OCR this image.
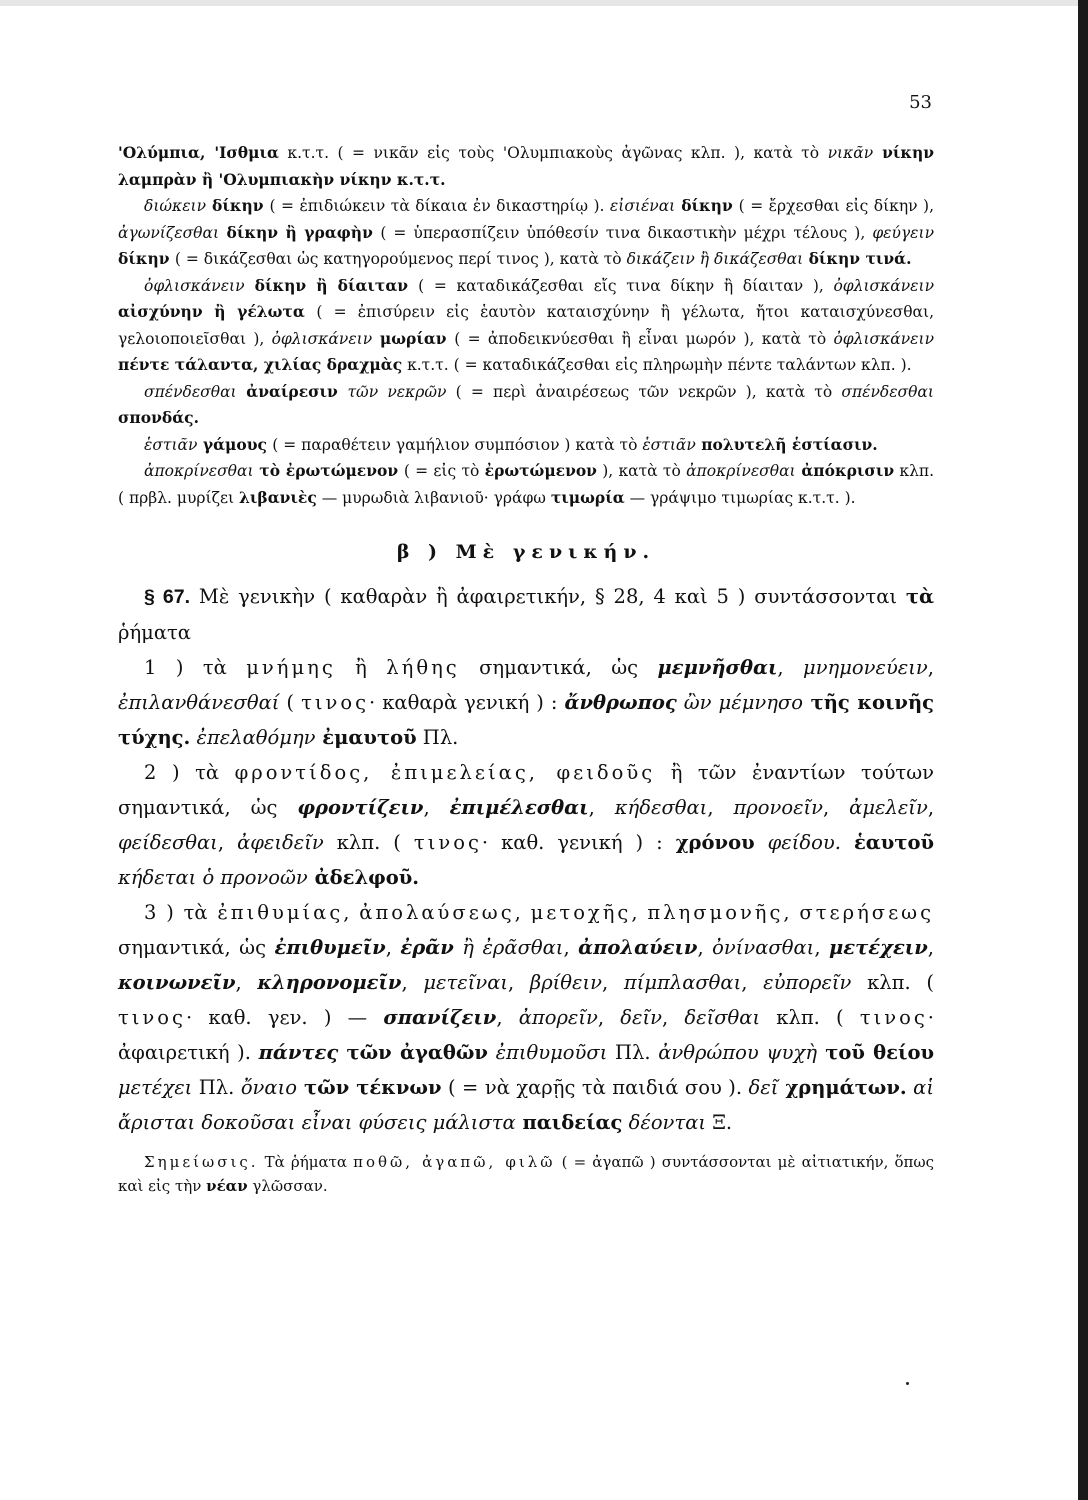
53

'Ολύμπια, 'Ισθμια κ.τ.τ. ( = νικᾶν εἰς τοὺς 'Ολυμπιακοὺς ἀγῶνας κλπ. ), κατὰ τὸ νικᾶν νίκην λαμπρὰν ἢ 'Ολυμπιακὴν νίκην κ.τ.τ.

διώκειν δίκην ( = ἐπιδιώκειν τὰ δίκαια ἐν δικαστηρίῳ ). εἰσιέναι δίκην ( = ἔρχεσθαι εἰς δίκην ), ἀγωνίζεσθαι δίκην ἢ γραφὴν ( = ὑπερασπίζειν ὑπόθεσίν τινα δικαστικὴν μέχρι τέλους ), φεύγειν δίκην ( = δικάζεσθαι ὡς κατηγορούμενος περί τινος ), κατὰ τὸ δικάζειν ἢ δικάζεσθαι δίκην τινά.

ὀφλισκάνειν δίκην ἢ δίαιταν ( = καταδικάζεσθαι εἴς τινα δίκην ἢ δίαιταν ), ὀφλισκάνειν αἰσχύνην ἢ γέλωτα ( = ἐπισύρειν εἰς ἑαυτὸν καταισχύνην ἢ γέλωτα, ἤτοι καταισχύνεσθαι, γελοιοποιεῖσθαι ), ὀφλισκάνειν μωρίαν ( = ἀποδεικνύεσθαι ἢ εἶναι μωρόν ), κατὰ τὸ ὀφλισκάνειν πέντε τάλαντα, χιλίας δραχμὰς κ.τ.τ. ( = καταδικάζεσθαι εἰς πληρωμὴν πέντε ταλάντων κλπ. ).

σπένδεσθαι ἀναίρεσιν τῶν νεκρῶν ( = περὶ ἀναιρέσεως τῶν νεκρῶν ), κατὰ τὸ σπένδεσθαι σπονδάς.

ἑστιᾶν γάμους ( = παραθέτειν γαμήλιον συμπόσιον ) κατὰ τὸ ἑστιᾶν πολυτελῆ ἑστίασιν.

ἀποκρίνεσθαι τὸ ἐρωτώμενον ( = εἰς τὸ ἐρωτώμενον ), κατὰ τὸ ἀποκρίνεσθαι ἀπόκρισιν κλπ. ( πρβλ. μυρίζει λιβανιὲς — μυρωδιὰ λιβανιοῦ· γράφω τιμωρία — γράψιμο τιμωρίας κ.τ.τ. ).

β ) Μὲ γενικήν.

§ 67. Μὲ γενικὴν ( καθαρὰν ἢ ἀφαιρετικήν, § 28, 4 καὶ 5 ) συντάσσονται τὰ ῥήματα

1 ) τὰ μνήμης ἢ λήθης σημαντικά, ὡς μεμνῆσθαι, μνημονεύειν, ἐπιλανθάνεσθαί ( τινος· καθαρὰ γενική ) : ἄνθρωπος ὢν μέμνησο τῆς κοινῆς τύχης. ἐπελαθόμην ἐμαυτοῦ Πλ.

2 ) τὰ φροντίδος, ἐπιμελείας, φειδοῦς ἢ τῶν ἐναντίων τούτων σημαντικά, ὡς φροντίζειν, ἐπιμέλεσθαι, κήδεσθαι, προνοεῖν, ἀμελεῖν, φείδεσθαι, ἀφειδεῖν κλπ. ( τινος· καθ. γενική ) : χρόνου φείδου. ἑαυτοῦ κήδεται ὁ προνοῶν ἀδελφοῦ.

3 ) τὰ ἐπιθυμίας, ἀπολαύσεως, μετοχῆς, πλησμονῆς, στερήσεως σημαντικά, ὡς ἐπιθυμεῖν, ἐρᾶν ἢ ἐρᾶσθαι, ἀπολαύειν, ὀνίνασθαι, μετέχειν, κοινωνεῖν, κληρονομεῖν, μετεῖναι, βρίθειν, πίμπλασθαι, εὐπορεῖν κλπ. ( τινος· καθ. γεν. ) — σπανίζειν, ἀπορεῖν, δεῖν, δεῖσθαι κλπ. ( τινος· ἀφαιρετική ). πάντες τῶν ἀγαθῶν ἐπιθυμοῦσι Πλ. ἀνθρώπου ψυχὴ τοῦ θείου μετέχει Πλ. ὄναιο τῶν τέκνων ( = νὰ χαρῇς τὰ παιδιά σου ). δεῖ χρημάτων. αἱ ἄρισται δοκοῦσαι εἶναι φύσεις μάλιστα παιδείας δέονται Ξ.

Σημείωσις. Τὰ ῥήματα ποθῶ, ἀγαπῶ, φιλῶ ( = ἀγαπῶ ) συντάσσονται μὲ αἰτιατικήν, ὅπως καὶ εἰς τὴν νέαν γλῶσσαν.
